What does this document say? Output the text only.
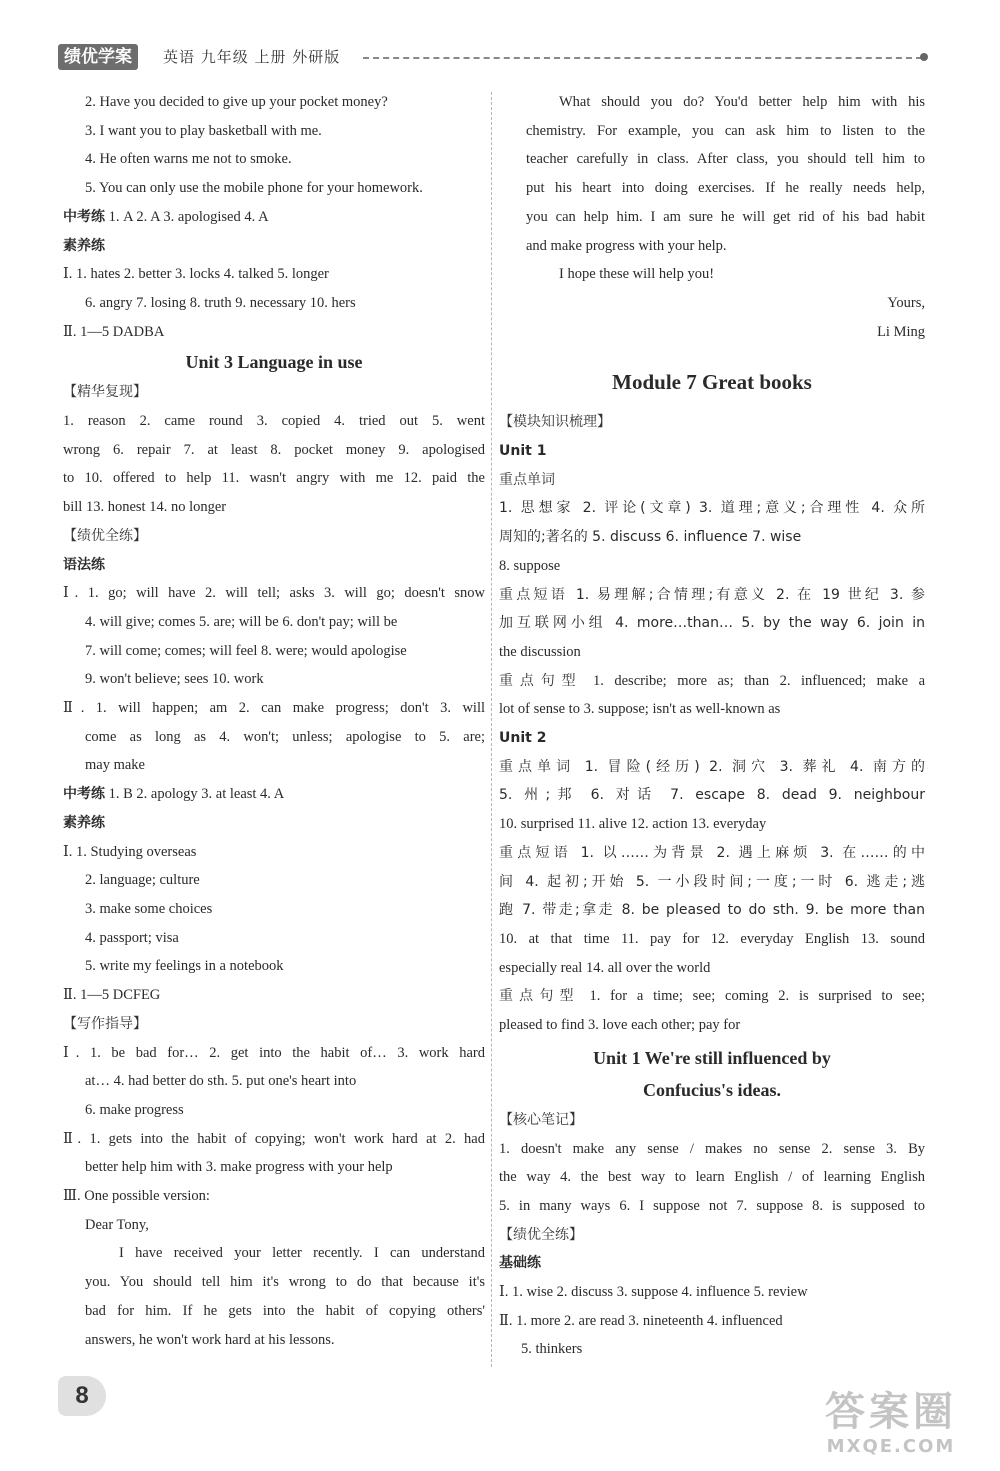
绩优学案	英语 九年级 上册 外研版
2. Have you decided to give up your pocket money?
3. I want you to play basketball with me.
4. He often warns me not to smoke.
5. You can only use the mobile phone for your homework.
中考练 1. A 2. A 3. apologised 4. A
素养练
Ⅰ. 1. hates 2. better 3. locks 4. talked 5. longer
6. angry 7. losing 8. truth 9. necessary 10. hers
Ⅱ. 1—5 DADBA
Unit 3 Language in use
【精华复现】
1. reason 2. came round 3. copied 4. tried out 5. went
wrong 6. repair 7. at least 8. pocket money 9. apologised
to 10. offered to help 11. wasn't angry with me 12. paid the
bill 13. honest 14. no longer
【绩优全练】
语法练
Ⅰ. 1. go; will have 2. will tell; asks 3. will go; doesn't snow
4. will give; comes 5. are; will be 6. don't pay; will be
7. will come; comes; will feel 8. were; would apologise
9. won't believe; sees 10. work
Ⅱ. 1. will happen; am 2. can make progress; don't 3. will
come as long as 4. won't; unless; apologise to 5. are;
may make
中考练 1. B 2. apology 3. at least 4. A
素养练
Ⅰ. 1. Studying overseas
2. language; culture
3. make some choices
4. passport; visa
5. write my feelings in a notebook
Ⅱ. 1—5 DCFEG
【写作指导】
Ⅰ. 1. be bad for… 2. get into the habit of… 3. work hard
at… 4. had better do sth. 5. put one's heart into
6. make progress
Ⅱ. 1. gets into the habit of copying; won't work hard at 2. had
better help him with 3. make progress with your help
Ⅲ. One possible version:
Dear Tony,
I have received your letter recently. I can understand
you. You should tell him it's wrong to do that because it's
bad for him. If he gets into the habit of copying others'
answers, he won't work hard at his lessons.
What should you do? You'd better help him with his
chemistry. For example, you can ask him to listen to the
teacher carefully in class. After class, you should tell him to
put his heart into doing exercises. If he really needs help,
you can help him. I am sure he will get rid of his bad habit
and make progress with your help.
I hope these will help you!
Yours,
Li Ming
Module 7 Great books
【模块知识梳理】
Unit 1
重点单词
1. 思想家 2. 评论(文章) 3. 道理;意义;合理性 4. 众所
周知的;著名的 5. discuss 6. influence 7. wise
8. suppose
重点短语 1. 易理解;合情理;有意义 2. 在 19 世纪 3. 参
加互联网小组 4. more…than… 5. by the way 6. join in
the discussion
重点句型 1. describe; more as; than 2. influenced; make a
lot of sense to 3. suppose; isn't as well-known as
Unit 2
重点单词 1. 冒险(经历) 2. 洞穴 3. 葬礼 4. 南方的
5. 州;邦 6. 对话 7. escape 8. dead 9. neighbour
10. surprised 11. alive 12. action 13. everyday
重点短语 1. 以……为背景 2. 遇上麻烦 3. 在……的中
间 4. 起初;开始 5. 一小段时间;一度;一时 6. 逃走;逃
跑 7. 带走;拿走 8. be pleased to do sth. 9. be more than
10. at that time 11. pay for 12. everyday English 13. sound
especially real 14. all over the world
重点句型 1. for a time; see; coming 2. is surprised to see;
pleased to find 3. love each other; pay for
Unit 1 We're still influenced by
Confucius's ideas.
【核心笔记】
1. doesn't make any sense / makes no sense 2. sense 3. By
the way 4. the best way to learn English / of learning English
5. in many ways 6. I suppose not 7. suppose 8. is supposed to
【绩优全练】
基础练
Ⅰ. 1. wise 2. discuss 3. suppose 4. influence 5. review
Ⅱ. 1. more 2. are read 3. nineteenth 4. influenced
5. thinkers
8	答案圈
MXQE.COM
